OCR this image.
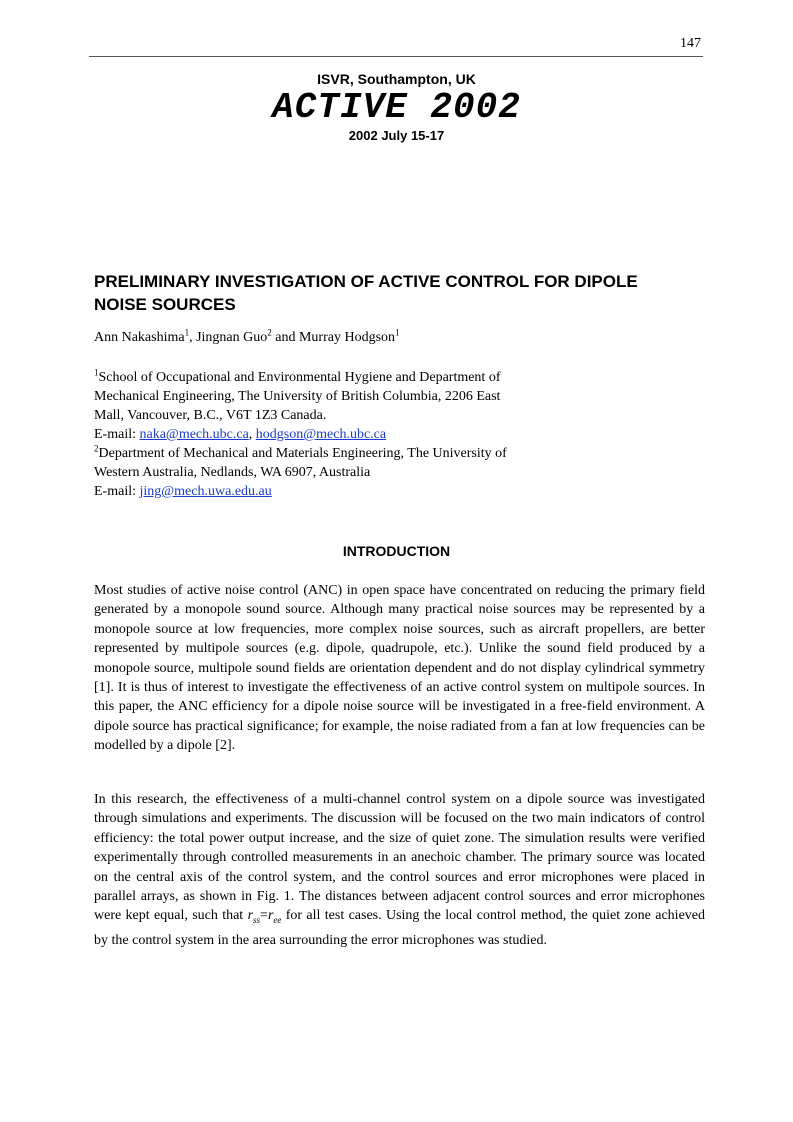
147
ISVR, Southampton, UK
ACTIVE 2002
2002 July 15-17
PRELIMINARY INVESTIGATION OF ACTIVE CONTROL FOR DIPOLE
NOISE SOURCES
Ann Nakashima$^1$, Jingnan Guo$^2$ and Murray Hodgson$^1$
$^1$School of Occupational and Environmental Hygiene and Department of
Mechanical Engineering, The University of British Columbia, 2206 East
Mall, Vancouver, B.C., V6T 1Z3 Canada.
E-mail: naka@mech.ubc.ca, hodgson@mech.ubc.ca
$^2$Department of Mechanical and Materials Engineering, The University of
Western Australia, Nedlands, WA 6907, Australia
E-mail: jing@mech.uwa.edu.au
INTRODUCTION

Most studies of active noise control (ANC) in open space have concentrated on reducing the primary field generated by a monopole sound source. Although many practical noise sources may be represented by a monopole source at low frequencies, more complex noise sources, such as aircraft propellers, are better represented by multipole sources (e.g. dipole, quadrupole, etc.). Unlike the sound field produced by a monopole source, multipole sound fields are orientation dependent and do not display cylindrical symmetry [1]. It is thus of interest to investigate the effectiveness of an active control system on multipole sources. In this paper, the ANC efficiency for a dipole noise source will be investigated in a free-field environment. A dipole source has practical significance; for example, the noise radiated from a fan at low frequencies can be modelled by a dipole [2].

In this research, the effectiveness of a multi-channel control system on a dipole source was investigated through simulations and experiments. The discussion will be focused on the two main indicators of control efficiency: the total power output increase, and the size of quiet zone. The simulation results were verified experimentally through controlled measurements in an anechoic chamber. The primary source was located on the central axis of the control system, and the control sources and error microphones were placed in parallel arrays, as shown in Fig. 1. The distances between adjacent control sources and error microphones were kept equal, such that $r_{ss}=r_{ee}$ for all test cases. Using the local control method, the quiet zone achieved by the control system in the area surrounding the error microphones was studied.
